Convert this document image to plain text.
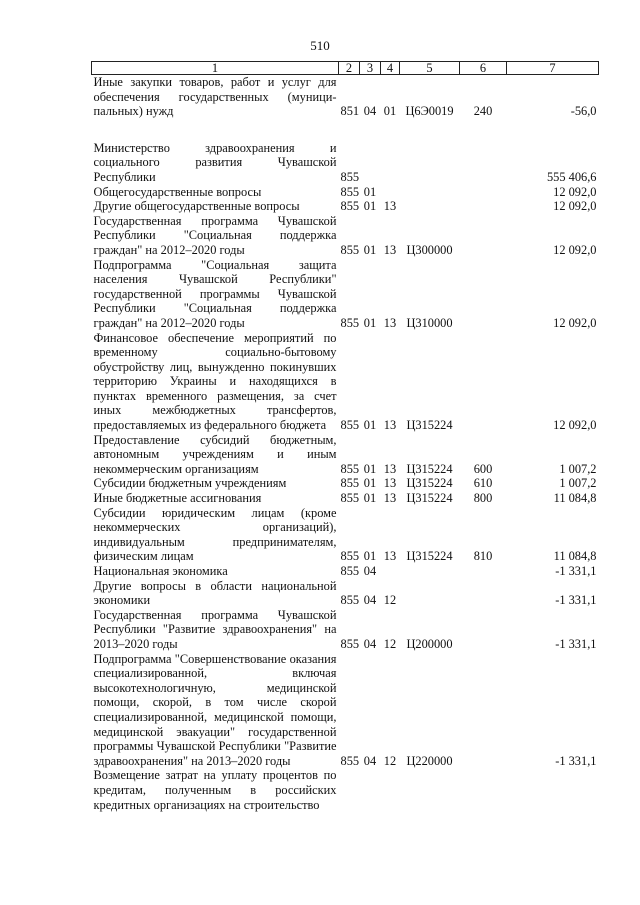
510
1	2	3	4	5	6	7
Иные закупки товаров, работ и услуг для обеспечения государственных (муници-пальных) нужд	851	04	01	Ц6Э0019	240	-56,0

Министерство здравоохранения и социального развития Чувашской Республики	855					555 406,6
Общегосударственные вопросы	855	01				12 092,0
Другие общегосударственные вопросы	855	01	13			12 092,0
Государственная программа Чувашской Республики "Социальная поддержка граждан" на 2012–2020 годы	855	01	13	Ц300000		12 092,0
Подпрограмма "Социальная защита населения Чувашской Республики" государственной программы Чувашской Республики "Социальная поддержка граждан" на 2012–2020 годы	855	01	13	Ц310000		12 092,0
Финансовое обеспечение мероприятий по временному социально-бытовому обустройству лиц, вынужденно покинувших территорию Украины и находящихся в пунктах временного размещения, за счет иных межбюджетных трансфертов, предоставляемых из федерального бюджета	855	01	13	Ц315224		12 092,0
Предоставление субсидий бюджетным, автономным учреждениям и иным некоммерческим организациям	855	01	13	Ц315224	600	1 007,2
Субсидии бюджетным учреждениям	855	01	13	Ц315224	610	1 007,2
Иные бюджетные ассигнования	855	01	13	Ц315224	800	11 084,8
Субсидии юридическим лицам (кроме некоммерческих организаций), индивидуальным предпринимателям, физическим лицам	855	01	13	Ц315224	810	11 084,8
Национальная экономика	855	04				-1 331,1
Другие вопросы в области национальной экономики	855	04	12			-1 331,1
Государственная программа Чувашской Республики "Развитие здравоохранения" на 2013–2020 годы	855	04	12	Ц200000		-1 331,1
Подпрограмма "Совершенствование оказания специализированной, включая высокотехнологичную, медицинской помощи, скорой, в том числе скорой специализированной, медицинской помощи, медицинской эвакуации" государственной программы Чувашской Республики "Развитие здравоохранения" на 2013–2020 годы	855	04	12	Ц220000		-1 331,1
Возмещение затрат на уплату процентов по кредитам, полученным в российских кредитных организациях на строительство						
